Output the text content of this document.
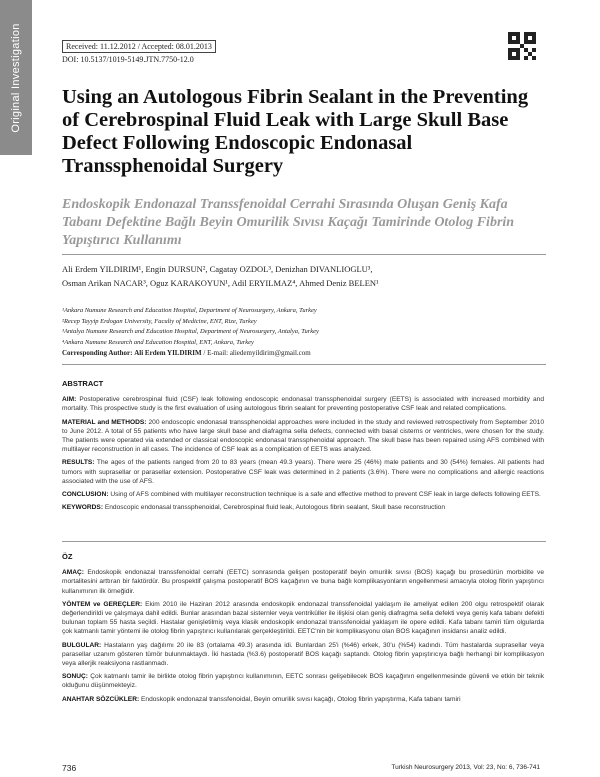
Original Investigation	Received: 11.12.2012 / Accepted: 08.01.2013
DOI: 10.5137/1019-5149.JTN.7750-12.0
Using an Autologous Fibrin Sealant in the Preventing of Cerebrospinal Fluid Leak with Large Skull Base Defect Following Endoscopic Endonasal Transsphenoidal Surgery
Endoskopik Endonazal Transsfenoidal Cerrahi Sırasında Oluşan Geniş Kafa Tabanı Defektine Bağlı Beyin Omurilik Sıvısı Kaçağı Tamirinde Otolog Fibrin Yapıştırıcı Kullanımı
Ali Erdem YILDIRIM¹, Engin DURSUN², Cagatay OZDOL³, Denizhan DIVANLIOGLU³,
Osman Arikan NACAR³, Oguz KARAKOYUN¹, Adil ERYILMAZ⁴, Ahmed Deniz BELEN¹
¹Ankara Numune Research and Education Hospital, Department of Neurosurgery, Ankara, Turkey
²Recep Tayyip Erdogan University, Faculty of Medicine, ENT, Rize, Turkey
³Antalya Numune Research and Education Hospital, Department of Neurosurgery, Antalya, Turkey
⁴Ankara Numune Research and Education Hospital, ENT, Ankara, Turkey
Corresponding Author: Ali Erdem YILDIRIM / E-mail: aliedemyildirim@gmail.com
ABSTRACT

AIM: Postoperative cerebrospinal fluid (CSF) leak following endoscopic endonasal transsphenoidal surgery (EETS) is associated with increased morbidity and mortality. This prospective study is the first evaluation of using autologous fibrin sealant for preventing postoperative CSF leak and related complications.

MATERIAL and METHODS: 200 endoscopic endonasal transsphenoidal approaches were included in the study and reviewed retrospectively from September 2010 to June 2012. A total of 55 patients who have large skull base and diafragma sella defects, connected with basal cisterns or ventricles, were chosen for the study. The patients were operated via extended or classical endoscopic endonasal transsphenoidal approach. The skull base has been repaired using AFS combined with multilayer reconstruction in all cases. The incidence of CSF leak as a complication of EETS was analyzed.

RESULTS: The ages of the patients ranged from 20 to 83 years (mean 49.3 years). There were 25 (46%) male patients and 30 (54%) females. All patients had tumors with suprasellar or parasellar extension. Postoperative CSF leak was determined in 2 patients (3.6%). There were no complications and allergic reactions associated with the use of AFS.

CONCLUSION: Using of AFS combined with multilayer reconstruction technique is a safe and effective method to prevent CSF leak in large defects following EETS.

KEYWORDS: Endoscopic endonasal transsphenoidal, Cerebrospinal fluid leak, Autologous fibrin sealant, Skull base reconstruction

ÖZ

AMAÇ: Endoskopik endonazal transsfenoidal cerrahi (EETC) sonrasında gelişen postoperatif beyin omurilik sıvısı (BOS) kaçağı bu prosedürün morbidite ve mortalitesini arttıran bir faktördür. Bu prospektif çalışma postoperatif BOS kaçağının ve buna bağlı komplikasyonların engellenmesi amacıyla otolog fibrin yapıştırıcı kullanımının ilk örneğidir.

YÖNTEM ve GEREÇLER: Ekim 2010 ile Haziran 2012 arasında endoskopik endonazal transsfenoidal yaklaşım ile ameliyat edilen 200 olgu retrospektif olarak değerlendirildi ve çalışmaya dahil edildi. Bunlar arasından bazal sisternler veya ventriküller ile ilişkisi olan geniş diafragma sella defekti veya geniş kafa tabanı defekti bulunan toplam 55 hasta seçildi. Hastalar genişletilmiş veya klasik endoskopik endonazal transsfenoidal yaklaşım ile opere edildi. Kafa tabanı tamiri tüm olgularda çok katmanlı tamir yöntemi ile otolog fibrin yapıştırıcı kullanılarak gerçekleştirildi. EETC'nin bir komplikasyonu olan BOS kaçağının insidansı analiz edildi.

BULGULAR: Hastaların yaş dağılımı 20 ile 83 (ortalama 49.3) arasında idi. Bunlardan 25'i (%46) erkek, 30'u (%54) kadındı. Tüm hastalarda suprasellar veya parasellar uzanım gösteren tümör bulunmaktaydı. İki hastada (%3.6) postoperatif BOS kaçağı saptandı. Otolog fibrin yapıştırıcıya bağlı herhangi bir komplikasyon veya allerjik reaksiyona rastlanmadı.

SONUÇ: Çok katmanlı tamir ile birlikte otolog fibrin yapıştırıcı kullanımının, EETC sonrası gelişebilecek BOS kaçağının engellenmesinde güvenli ve etkin bir teknik olduğunu düşünmekteyiz.

ANAHTAR SÖZCÜKLER: Endoskopik endonazal transsfenoidal, Beyin omurilik sıvısı kaçağı, Otolog fibrin yapıştırma, Kafa tabanı tamiri

736	Turkish Neurosurgery 2013, Vol: 23, No: 6, 736-741
